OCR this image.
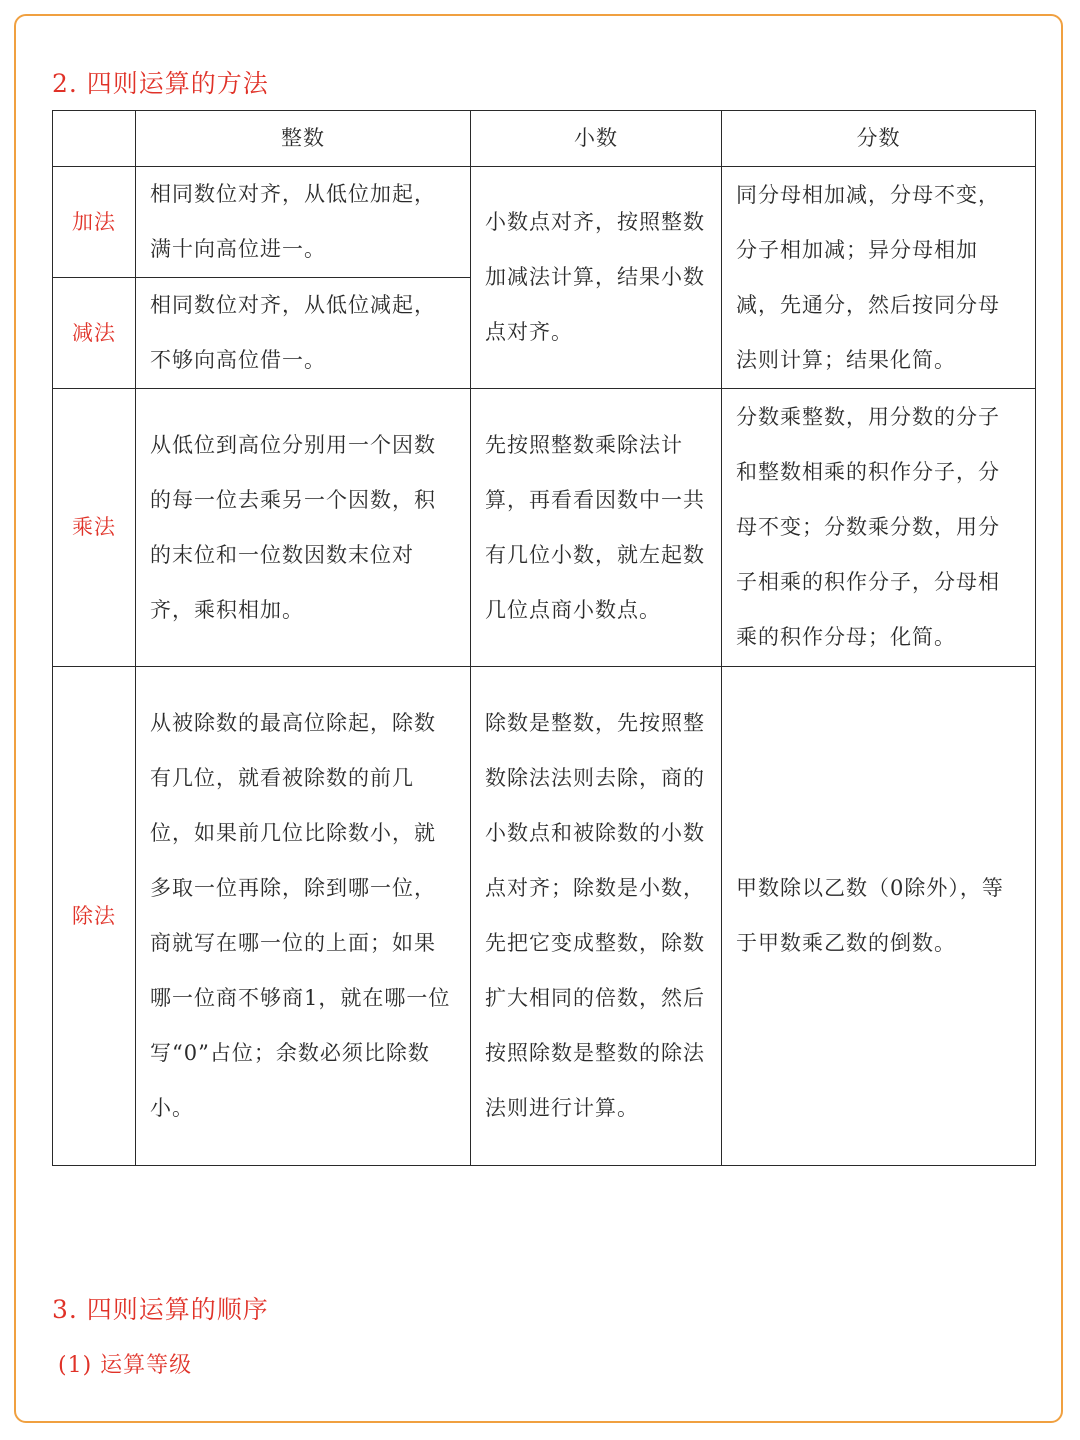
2. 四则运算的方法
	整数	小数	分数
加法	相同数位对齐，从低位加起，满十向高位进一。	小数点对齐，按照整数加减法计算，结果小数点对齐。	同分母相加减，分母不变，分子相加减；异分母相加减，先通分，然后按同分母法则计算；结果化简。
减法	相同数位对齐，从低位减起，不够向高位借一。		
乘法	从低位到高位分别用一个因数的每一位去乘另一个因数，积的末位和一位数因数末位对齐，乘积相加。	先按照整数乘除法计算，再看看因数中一共有几位小数，就左起数几位点商小数点。	分数乘整数，用分数的分子和整数相乘的积作分子，分母不变；分数乘分数，用分子相乘的积作分子，分母相乘的积作分母；化简。
除法	从被除数的最高位除起，除数有几位，就看被除数的前几位，如果前几位比除数小，就多取一位再除，除到哪一位，商就写在哪一位的上面；如果哪一位商不够商1，就在哪一位写“0”占位；余数必须比除数小。	除数是整数，先按照整数除法法则去除，商的小数点和被除数的小数点对齐；除数是小数，先把它变成整数，除数扩大相同的倍数，然后按照除数是整数的除法法则进行计算。	甲数除以乙数（0除外），等于甲数乘乙数的倒数。
3. 四则运算的顺序
(1) 运算等级
